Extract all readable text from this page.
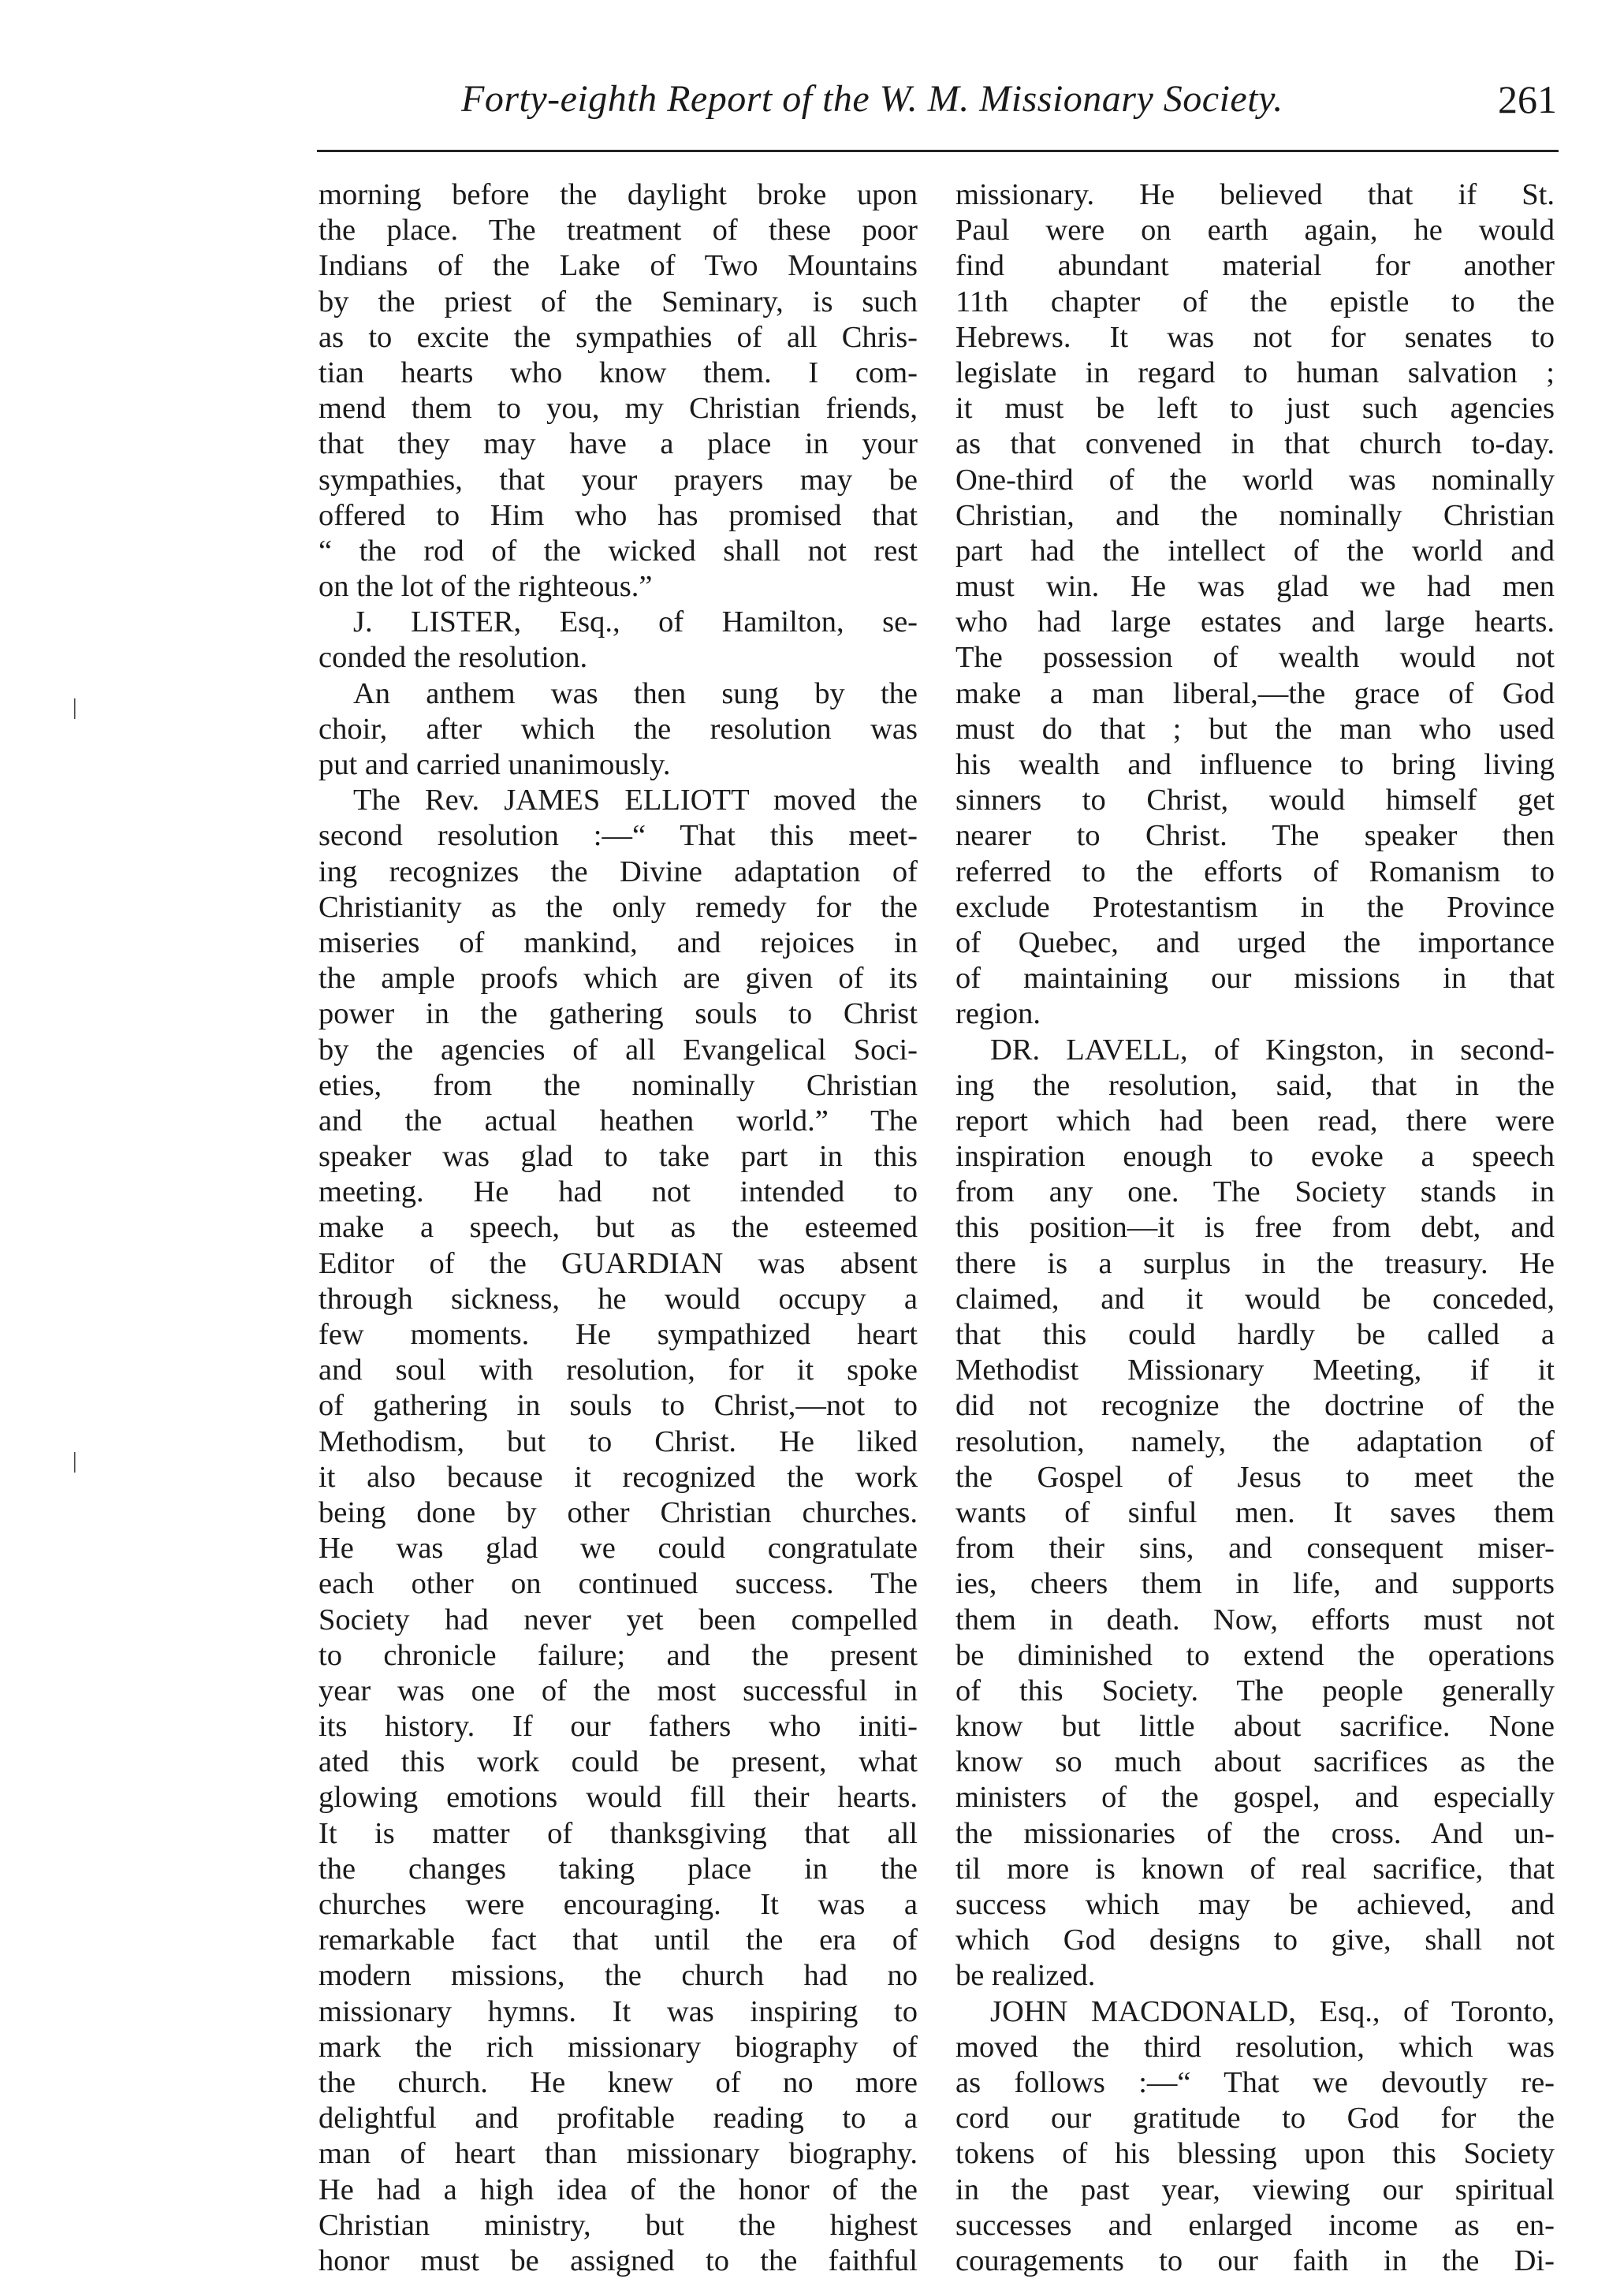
Forty-eighth Report of the W. M. Missionary Society.	261
morning before the daylight broke upon
the place. The treatment of these poor
Indians of the Lake of Two Mountains
by the priest of the Seminary, is such
as to excite the sympathies of all Chris-
tian hearts who know them. I com-
mend them to you, my Christian friends,
that they may have a place in your
sympathies, that your prayers may be
offered to Him who has promised that
“ the rod of the wicked shall not rest
on the lot of the righteous.”
J. LISTER, Esq., of Hamilton, se-
conded the resolution.
An anthem was then sung by the
choir, after which the resolution was
put and carried unanimously.
The Rev. JAMES ELLIOTT moved the
second resolution :—“ That this meet-
ing recognizes the Divine adaptation of
Christianity as the only remedy for the
miseries of mankind, and rejoices in
the ample proofs which are given of its
power in the gathering souls to Christ
by the agencies of all Evangelical Soci-
eties, from the nominally Christian
and the actual heathen world.” The
speaker was glad to take part in this
meeting. He had not intended to
make a speech, but as the esteemed
Editor of the GUARDIAN was absent
through sickness, he would occupy a
few moments. He sympathized heart
and soul with resolution, for it spoke
of gathering in souls to Christ,—not to
Methodism, but to Christ. He liked
it also because it recognized the work
being done by other Christian churches.
He was glad we could congratulate
each other on continued success. The
Society had never yet been compelled
to chronicle failure; and the present
year was one of the most successful in
its history. If our fathers who initi-
ated this work could be present, what
glowing emotions would fill their hearts.
It is matter of thanksgiving that all
the changes taking place in the
churches were encouraging. It was a
remarkable fact that until the era of
modern missions, the church had no
missionary hymns. It was inspiring to
mark the rich missionary biography of
the church. He knew of no more
delightful and profitable reading to a
man of heart than missionary biography.
He had a high idea of the honor of the
Christian ministry, but the highest
honor must be assigned to the faithful
missionary. He believed that if St.
Paul were on earth again, he would
find abundant material for another
11th chapter of the epistle to the
Hebrews. It was not for senates to
legislate in regard to human salvation ;
it must be left to just such agencies
as that convened in that church to-day.
One-third of the world was nominally
Christian, and the nominally Christian
part had the intellect of the world and
must win. He was glad we had men
who had large estates and large hearts.
The possession of wealth would not
make a man liberal,—the grace of God
must do that ; but the man who used
his wealth and influence to bring living
sinners to Christ, would himself get
nearer to Christ. The speaker then
referred to the efforts of Romanism to
exclude Protestantism in the Province
of Quebec, and urged the importance
of maintaining our missions in that
region.
DR. LAVELL, of Kingston, in second-
ing the resolution, said, that in the
report which had been read, there were
inspiration enough to evoke a speech
from any one. The Society stands in
this position—it is free from debt, and
there is a surplus in the treasury. He
claimed, and it would be conceded,
that this could hardly be called a
Methodist Missionary Meeting, if it
did not recognize the doctrine of the
resolution, namely, the adaptation of
the Gospel of Jesus to meet the
wants of sinful men. It saves them
from their sins, and consequent miser-
ies, cheers them in life, and supports
them in death. Now, efforts must not
be diminished to extend the operations
of this Society. The people generally
know but little about sacrifice. None
know so much about sacrifices as the
ministers of the gospel, and especially
the missionaries of the cross. And un-
til more is known of real sacrifice, that
success which may be achieved, and
which God designs to give, shall not
be realized.
JOHN MACDONALD, Esq., of Toronto,
moved the third resolution, which was
as follows :—“ That we devoutly re-
cord our gratitude to God for the
tokens of his blessing upon this Society
in the past year, viewing our spiritual
successes and enlarged income as en-
couragements to our faith in the Di-
|
|
